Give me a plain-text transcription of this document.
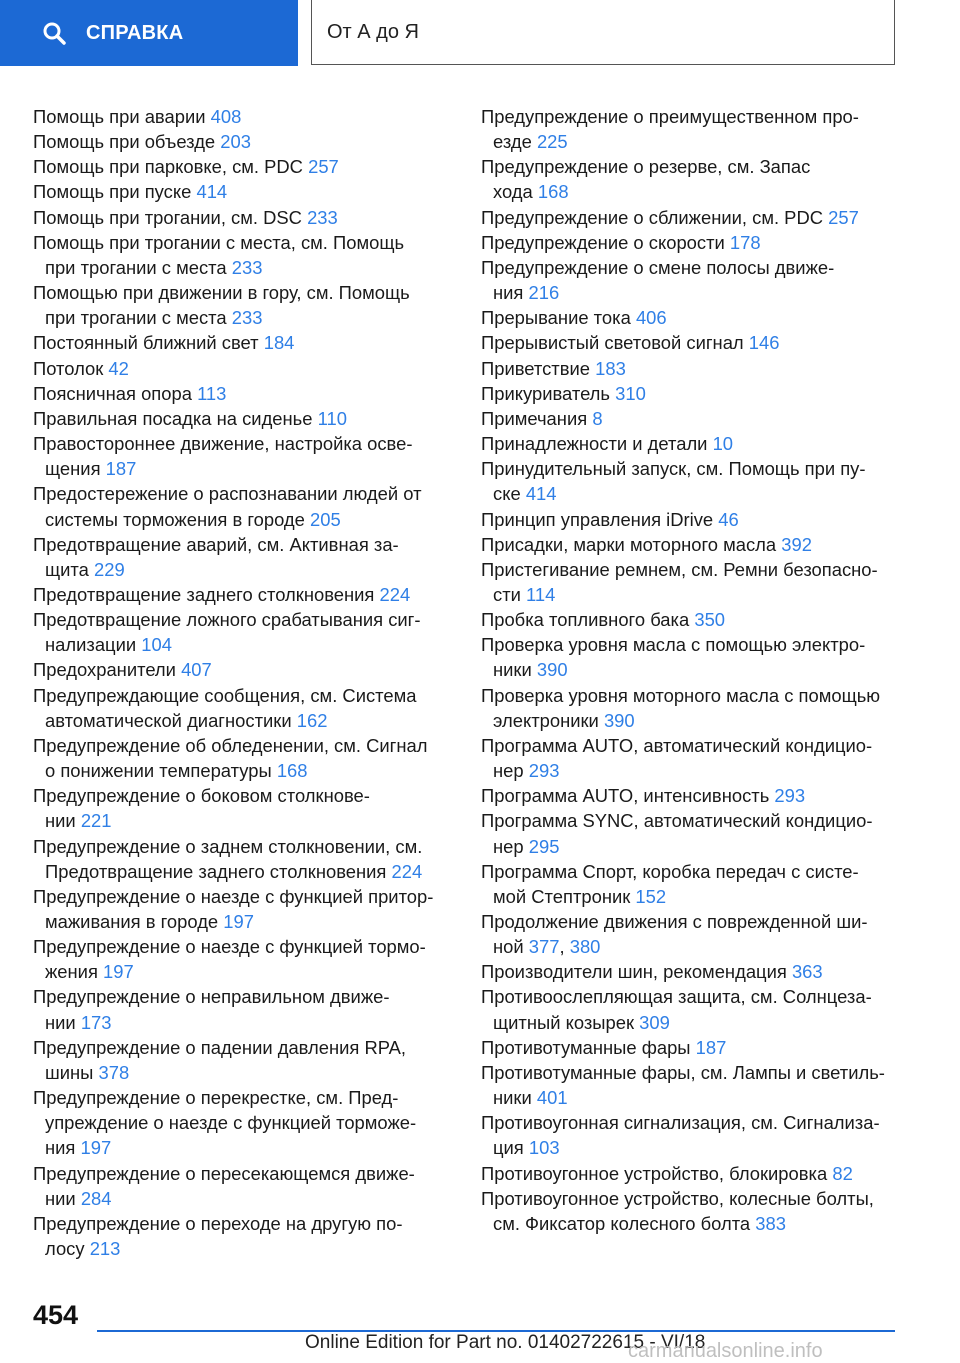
СПРАВКА	От А до Я
Помощь при аварии 408
Помощь при объезде 203
Помощь при парковке, см. PDC 257
Помощь при пуске 414
Помощь при трогании, см. DSC 233
Помощь при трогании с места, см. Помощь
при трогании с места 233
Помощью при движении в гору, см. Помощь
при трогании с места 233
Постоянный ближний свет 184
Потолок 42
Поясничная опора 113
Правильная посадка на сиденье 110
Правостороннее движение, настройка осве-
щения 187
Предостережение о распознавании людей от
системы торможения в городе 205
Предотвращение аварий, см. Активная за-
щита 229
Предотвращение заднего столкновения 224
Предотвращение ложного срабатывания сиг-
нализации 104
Предохранители 407
Предупреждающие сообщения, см. Система
автоматической диагностики 162
Предупреждение об обледенении, см. Сигнал
о понижении температуры 168
Предупреждение о боковом столкнове-
нии 221
Предупреждение о заднем столкновении, см.
Предотвращение заднего столкновения 224
Предупреждение о наезде с функцией притор-
маживания в городе 197
Предупреждение о наезде с функцией тормо-
жения 197
Предупреждение о неправильном движе-
нии 173
Предупреждение о падении давления RPA,
шины 378
Предупреждение о перекрестке, см. Пред-
упреждение о наезде с функцией торможе-
ния 197
Предупреждение о пересекающемся движе-
нии 284
Предупреждение о переходе на другую по-
лосу 213
Предупреждение о преимущественном про-
езде 225
Предупреждение о резерве, см. Запас
хода 168
Предупреждение о сближении, см. PDC 257
Предупреждение о скорости 178
Предупреждение о смене полосы движе-
ния 216
Прерывание тока 406
Прерывистый световой сигнал 146
Приветствие 183
Прикуриватель 310
Примечания 8
Принадлежности и детали 10
Принудительный запуск, см. Помощь при пу-
ске 414
Принцип управления iDrive 46
Присадки, марки моторного масла 392
Пристегивание ремнем, см. Ремни безопасно-
сти 114
Пробка топливного бака 350
Проверка уровня масла с помощью электро-
ники 390
Проверка уровня моторного масла с помощью
электроники 390
Программа AUTO, автоматический кондицио-
нер 293
Программа AUTO, интенсивность 293
Программа SYNC, автоматический кондицио-
нер 295
Программа Спорт, коробка передач с систе-
мой Стептроник 152
Продолжение движения с поврежденной ши-
ной 377, 380
Производители шин, рекомендация 363
Противоослепляющая защита, см. Солнцеза-
щитный козырек 309
Противотуманные фары 187
Противотуманные фары, см. Лампы и светиль-
ники 401
Противоугонная сигнализация, см. Сигнализа-
ция 103
Противоугонное устройство, блокировка 82
Противоугонное устройство, колесные болты,
см. Фиксатор колесного болта 383
454
Online Edition for Part no. 01402722615 - VI/18
carmanualsonline.info
